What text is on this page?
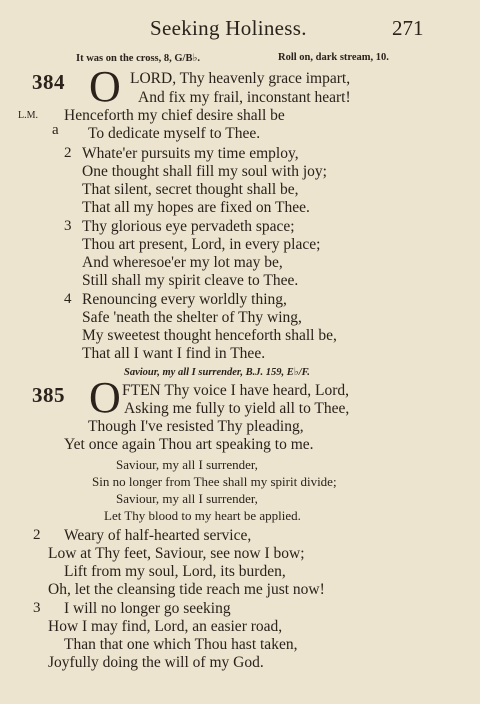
Seeking Holiness.	271
It was on the cross, 8, G/B♭.	Roll on, dark stream, 10.
384 O
L.M.
a
LORD, Thy heavenly grace impart,
And fix my frail, inconstant heart!
Henceforth my chief desire shall be
To dedicate myself to Thee.
2 Whate'er pursuits my time employ,
One thought shall fill my soul with joy;
That silent, secret thought shall be,
That all my hopes are fixed on Thee.
3 Thy glorious eye pervadeth space;
Thou art present, Lord, in every place;
And wheresoe'er my lot may be,
Still shall my spirit cleave to Thee.
4 Renouncing every worldly thing,
Safe 'neath the shelter of Thy wing,
My sweetest thought henceforth shall be,
That all I want I find in Thee.
Saviour, my all I surrender, B.J. 159, E♭/F.
385 O FTEN Thy voice I have heard, Lord,
Asking me fully to yield all to Thee,
Though I've resisted Thy pleading,
Yet once again Thou art speaking to me.
Saviour, my all I surrender,
Sin no longer from Thee shall my spirit divide;
Saviour, my all I surrender,
Let Thy blood to my heart be applied.
2 Weary of half-hearted service,
Low at Thy feet, Saviour, see now I bow;
Lift from my soul, Lord, its burden,
Oh, let the cleansing tide reach me just now!
3 I will no longer go seeking
How I may find, Lord, an easier road,
Than that one which Thou hast taken,
Joyfully doing the will of my God.
